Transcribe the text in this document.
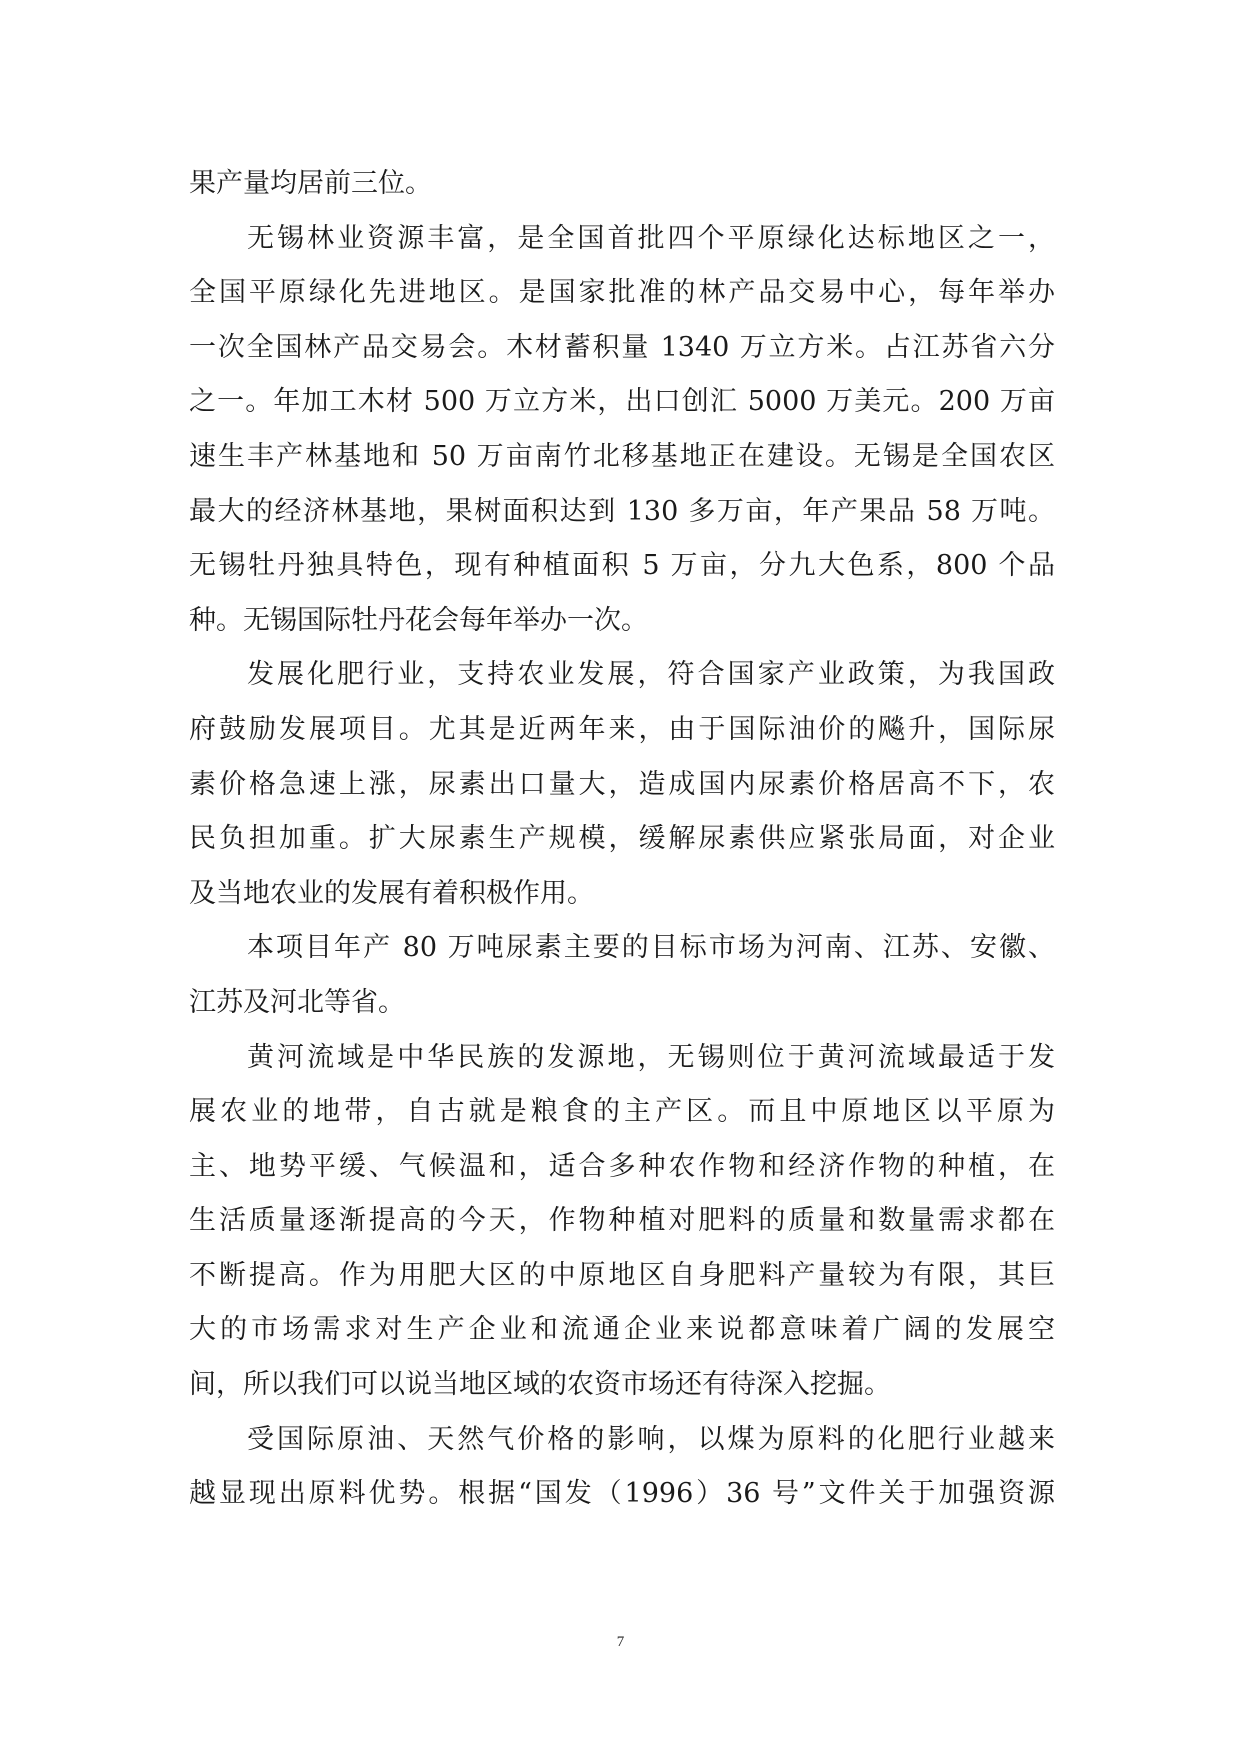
果产量均居前三位。
无锡林业资源丰富，是全国首批四个平原绿化达标地区之一，
全国平原绿化先进地区。是国家批准的林产品交易中心，每年举办
一次全国林产品交易会。木材蓄积量 1340 万立方米。占江苏省六分
之一。年加工木材 500 万立方米，出口创汇 5000 万美元。200 万亩
速生丰产林基地和 50 万亩南竹北移基地正在建设。无锡是全国农区
最大的经济林基地，果树面积达到 130 多万亩，年产果品 58 万吨。
无锡牡丹独具特色，现有种植面积 5 万亩，分九大色系，800 个品
种。无锡国际牡丹花会每年举办一次。
发展化肥行业，支持农业发展，符合国家产业政策，为我国政
府鼓励发展项目。尤其是近两年来，由于国际油价的飚升，国际尿
素价格急速上涨，尿素出口量大，造成国内尿素价格居高不下，农
民负担加重。扩大尿素生产规模，缓解尿素供应紧张局面，对企业
及当地农业的发展有着积极作用。
本项目年产 80 万吨尿素主要的目标市场为河南、江苏、安徽、
江苏及河北等省。
黄河流域是中华民族的发源地，无锡则位于黄河流域最适于发
展农业的地带，自古就是粮食的主产区。而且中原地区以平原为
主、地势平缓、气候温和，适合多种农作物和经济作物的种植，在
生活质量逐渐提高的今天，作物种植对肥料的质量和数量需求都在
不断提高。作为用肥大区的中原地区自身肥料产量较为有限，其巨
大的市场需求对生产企业和流通企业来说都意味着广阔的发展空
间，所以我们可以说当地区域的农资市场还有待深入挖掘。
受国际原油、天然气价格的影响，以煤为原料的化肥行业越来
越显现出原料优势。根据“国发（1996）36 号”文件关于加强资源
7
